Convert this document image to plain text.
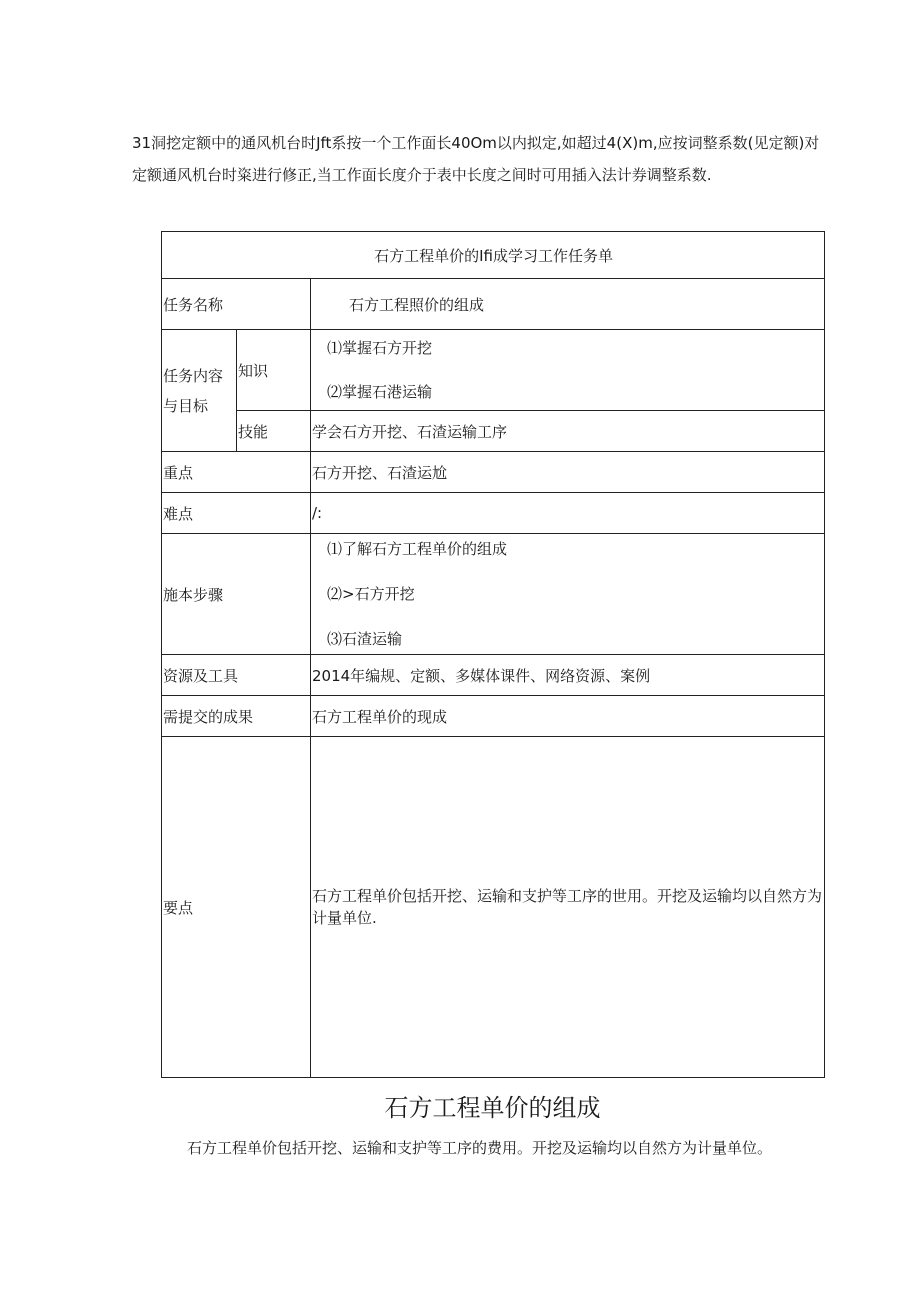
31洞挖定额中的通风机台时Jft系按一个工作面长40Om以内拟定,如超过4(X)m,应按词整系数(见定额)对定额通风机台时粢进行修正,当工作面长度介于表中长度之间时可用插入法计券调整系数.

石方工程单价的Ifi成学习工作任务单		
任务名称		石方工程照价的组成
任务内容与目标	知识	⑴掌握石方开挖
⑵掌握石港运输

	技能	学会石方开挖、石渣运输工序
重点		石方开挖、石渣运尬
难点		/:
施本步骤		⑴了解石方工程单价的组成
⑵>石方开挖
⑶石渣运输

资源及工具		2014年编规、定额、多媒体课件、网络资源、案例
需提交的成果		石方工程单价的现成
要点		石方工程单价包括开挖、运输和支护等工序的世用。开挖及运输均以自然方为计量单位.
石方工程单价的组成

石方工程单价包括开挖、运输和支护等工序的费用。开挖及运输均以自然方为计量单位。
